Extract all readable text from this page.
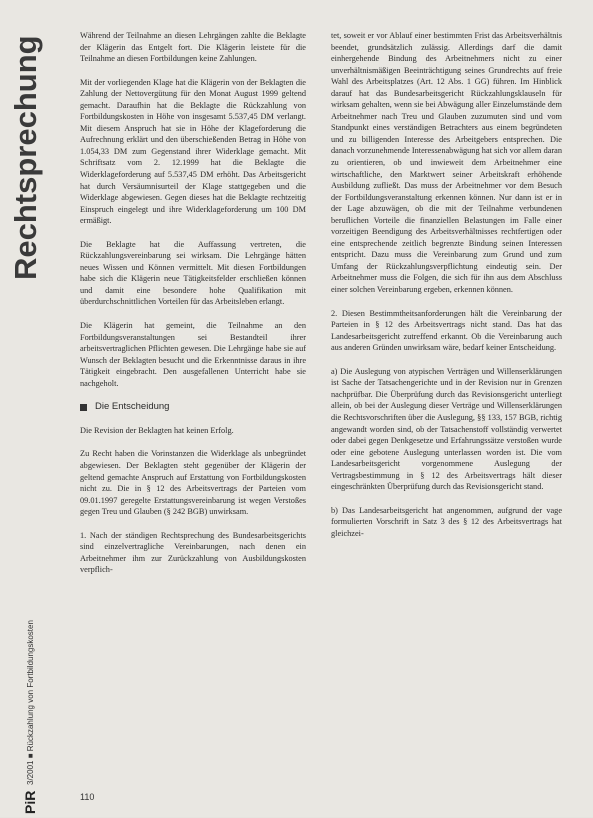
Rechtsprechung
3/2001 ■ Rückzahlung von Fortbildungskosten
PiR

Während der Teilnahme an diesen Lehrgängen zahlte die Beklagte der Klägerin das Entgelt fort. Die Klägerin leistete für die Teilnahme an diesen Fortbildungen keine Zahlungen.

Mit der vorliegenden Klage hat die Klägerin von der Beklagten die Zahlung der Nettovergütung für den Monat August 1999 geltend gemacht. Daraufhin hat die Beklagte die Rückzahlung von Fortbildungskosten in Höhe von insgesamt 5.537,45 DM verlangt. Mit diesem Anspruch hat sie in Höhe der Klageforderung die Aufrechnung erklärt und den überschießenden Betrag in Höhe von 1.054,33 DM zum Gegenstand ihrer Widerklage gemacht. Mit Schriftsatz vom 2. 12.1999 hat die Beklagte die Widerklageforderung auf 5.537,45 DM erhöht. Das Arbeitsgericht hat durch Versäumnisurteil der Klage stattgegeben und die Widerklage abgewiesen. Gegen dieses hat die Beklagte rechtzeitig Einspruch eingelegt und ihre Widerklageforderung um 100 DM ermäßigt.

Die Beklagte hat die Auffassung vertreten, die Rückzahlungsvereinbarung sei wirksam. Die Lehrgänge hätten neues Wissen und Können vermittelt. Mit diesen Fortbildungen habe sich die Klägerin neue Tätigkeitsfelder erschließen können und damit eine besondere hohe Qualifikation mit überdurchschnittlichen Vorteilen für das Arbeitsleben erlangt.

Die Klägerin hat gemeint, die Teilnahme an den Fortbildungsveranstaltungen sei Bestandteil ihrer arbeitsvertraglichen Pflichten gewesen. Die Lehrgänge habe sie auf Wunsch der Beklagten besucht und die Erkenntnisse daraus in ihre Tätigkeit eingebracht. Den ausgefallenen Unterricht habe sie nachgeholt.

Die Entscheidung

Die Revision der Beklagten hat keinen Erfolg.

Zu Recht haben die Vorinstanzen die Widerklage als unbegründet abgewiesen. Der Beklagten steht gegenüber der Klägerin der geltend gemachte Anspruch auf Erstattung von Fortbildungskosten nicht zu. Die in § 12 des Arbeitsvertrags der Parteien vom 09.01.1997 geregelte Erstattungsvereinbarung ist wegen Verstoßes gegen Treu und Glauben (§ 242 BGB) unwirksam.

1. Nach der ständigen Rechtsprechung des Bundesarbeitsgerichts sind einzelvertragliche Vereinbarungen, nach denen ein Arbeitnehmer ihm zur Zurückzahlung von Ausbildungskosten verpflich-

tet, soweit er vor Ablauf einer bestimmten Frist das Arbeitsverhältnis beendet, grundsätzlich zulässig. Allerdings darf die damit einhergehende Bindung des Arbeitnehmers nicht zu einer unverhältnismäßigen Beeinträchtigung seines Grundrechts auf freie Wahl des Arbeitsplatzes (Art. 12 Abs. 1 GG) führen. Im Hinblick darauf hat das Bundesarbeitsgericht Rückzahlungsklauseln für wirksam gehalten, wenn sie bei Abwägung aller Einzelumstände dem Arbeitnehmer nach Treu und Glauben zuzumuten sind und vom Standpunkt eines verständigen Betrachters aus einem begründeten und zu billigenden Interesse des Arbeitgebers entsprechen. Die danach vorzunehmende Interessenabwägung hat sich vor allem daran zu orientieren, ob und inwieweit dem Arbeitnehmer eine wirtschaftliche, den Marktwert seiner Arbeitskraft erhöhende Ausbildung zufließt. Das muss der Arbeitnehmer vor dem Besuch der Fortbildungsveranstaltung erkennen können. Nur dann ist er in der Lage abzuwägen, ob die mit der Teilnahme verbundenen beruflichen Vorteile die finanziellen Belastungen im Falle einer vorzeitigen Beendigung des Arbeitsverhältnisses rechtfertigen oder eine entsprechende zeitlich begrenzte Bindung seinen Interessen entspricht. Dazu muss die Vereinbarung zum Grund und zum Umfang der Rückzahlungsverpflichtung eindeutig sein. Der Arbeitnehmer muss die Folgen, die sich für ihn aus dem Abschluss einer solchen Vereinbarung ergeben, erkennen können.

2. Diesen Bestimmtheitsanforderungen hält die Vereinbarung der Parteien in § 12 des Arbeitsvertrags nicht stand. Das hat das Landesarbeitsgericht zutreffend erkannt. Ob die Vereinbarung auch aus anderen Gründen unwirksam wäre, bedarf keiner Entscheidung.

a) Die Auslegung von atypischen Verträgen und Willenserklärungen ist Sache der Tatsachengerichte und in der Revision nur in Grenzen nachprüfbar. Die Überprüfung durch das Revisionsgericht unterliegt allein, ob bei der Auslegung dieser Verträge und Willenserklärungen die Rechtsvorschriften über die Auslegung, §§ 133, 157 BGB, richtig angewandt worden sind, ob der Tatsachenstoff vollständig verwertet oder dabei gegen Denkgesetze und Erfahrungssätze verstoßen wurde oder eine gebotene Auslegung unterlassen worden ist. Die vom Landesarbeitsgericht vorgenommene Auslegung der Vertragsbestimmung in § 12 des Arbeitsvertrags hält dieser eingeschränkten Überprüfung durch das Revisionsgericht stand.

b) Das Landesarbeitsgericht hat angenommen, aufgrund der vage formulierten Vorschrift in Satz 3 des § 12 des Arbeitsvertrags hat gleichzei-

110
